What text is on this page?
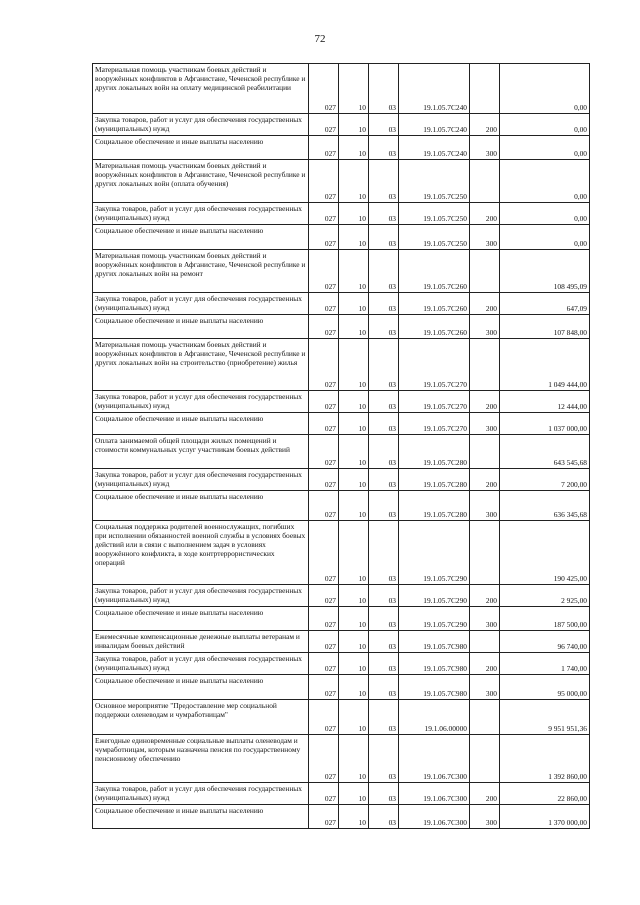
72
Материальная помощь участникам боевых действий и вооружённых конфликтов в Афганистане, Чеченской республике и других локальных войн на оплату медицинской реабилитации	027	10	03	19.1.05.7С240		0,00
Закупка товаров, работ и услуг для обеспечения государственных (муниципальных) нужд	027	10	03	19.1.05.7С240	200	0,00
Социальное обеспечение и иные выплаты населению	027	10	03	19.1.05.7С240	300	0,00
Материальная помощь участникам боевых действий и вооружённых конфликтов в Афганистане, Чеченской республике и других локальных войн (оплата обучения)	027	10	03	19.1.05.7С250		0,00
Закупка товаров, работ и услуг для обеспечения государственных (муниципальных) нужд	027	10	03	19.1.05.7С250	200	0,00
Социальное обеспечение и иные выплаты населению	027	10	03	19.1.05.7С250	300	0,00
Материальная помощь участникам боевых действий и вооружённых конфликтов в Афганистане, Чеченской республике и других локальных войн на ремонт	027	10	03	19.1.05.7С260		108 495,09
Закупка товаров, работ и услуг для обеспечения государственных (муниципальных) нужд	027	10	03	19.1.05.7С260	200	647,09
Социальное обеспечение и иные выплаты населению	027	10	03	19.1.05.7С260	300	107 848,00
Материальная помощь участникам боевых действий и вооружённых конфликтов в Афганистане, Чеченской республике и других локальных войн на строительство (приобретение) жилья	027	10	03	19.1.05.7С270		1 049 444,00
Закупка товаров, работ и услуг для обеспечения государственных (муниципальных) нужд	027	10	03	19.1.05.7С270	200	12 444,00
Социальное обеспечение и иные выплаты населению	027	10	03	19.1.05.7С270	300	1 037 000,00
Оплата занимаемой общей площади жилых помещений и стоимости коммунальных услуг участникам боевых действий	027	10	03	19.1.05.7С280		643 545,68
Закупка товаров, работ и услуг для обеспечения государственных (муниципальных) нужд	027	10	03	19.1.05.7С280	200	7 200,00
Социальное обеспечение и иные выплаты населению	027	10	03	19.1.05.7С280	300	636 345,68
Социальная поддержка родителей военнослужащих, погибших при исполнении обязанностей военной службы в условиях боевых действий или в связи с выполнением задач в условиях вооружённого конфликта, в ходе контртеррористических операций	027	10	03	19.1.05.7С290		190 425,00
Закупка товаров, работ и услуг для обеспечения государственных (муниципальных) нужд	027	10	03	19.1.05.7С290	200	2 925,00
Социальное обеспечение и иные выплаты населению	027	10	03	19.1.05.7С290	300	187 500,00
Ежемесячные компенсационные денежные выплаты ветеранам и инвалидам боевых действий	027	10	03	19.1.05.7С980		96 740,00
Закупка товаров, работ и услуг для обеспечения государственных (муниципальных) нужд	027	10	03	19.1.05.7С980	200	1 740,00
Социальное обеспечение и иные выплаты населению	027	10	03	19.1.05.7С980	300	95 000,00
Основное мероприятие "Предоставление мер социальной поддержки оленеводам и чумработницам"	027	10	03	19.1.06.00000		9 951 951,36
Ежегодные единовременные социальные выплаты оленеводам и чумработницам, которым назначена пенсия по государственному пенсионному обеспечению	027	10	03	19.1.06.7С300		1 392 860,00
Закупка товаров, работ и услуг для обеспечения государственных (муниципальных) нужд	027	10	03	19.1.06.7С300	200	22 860,00
Социальное обеспечение и иные выплаты населению	027	10	03	19.1.06.7С300	300	1 370 000,00
